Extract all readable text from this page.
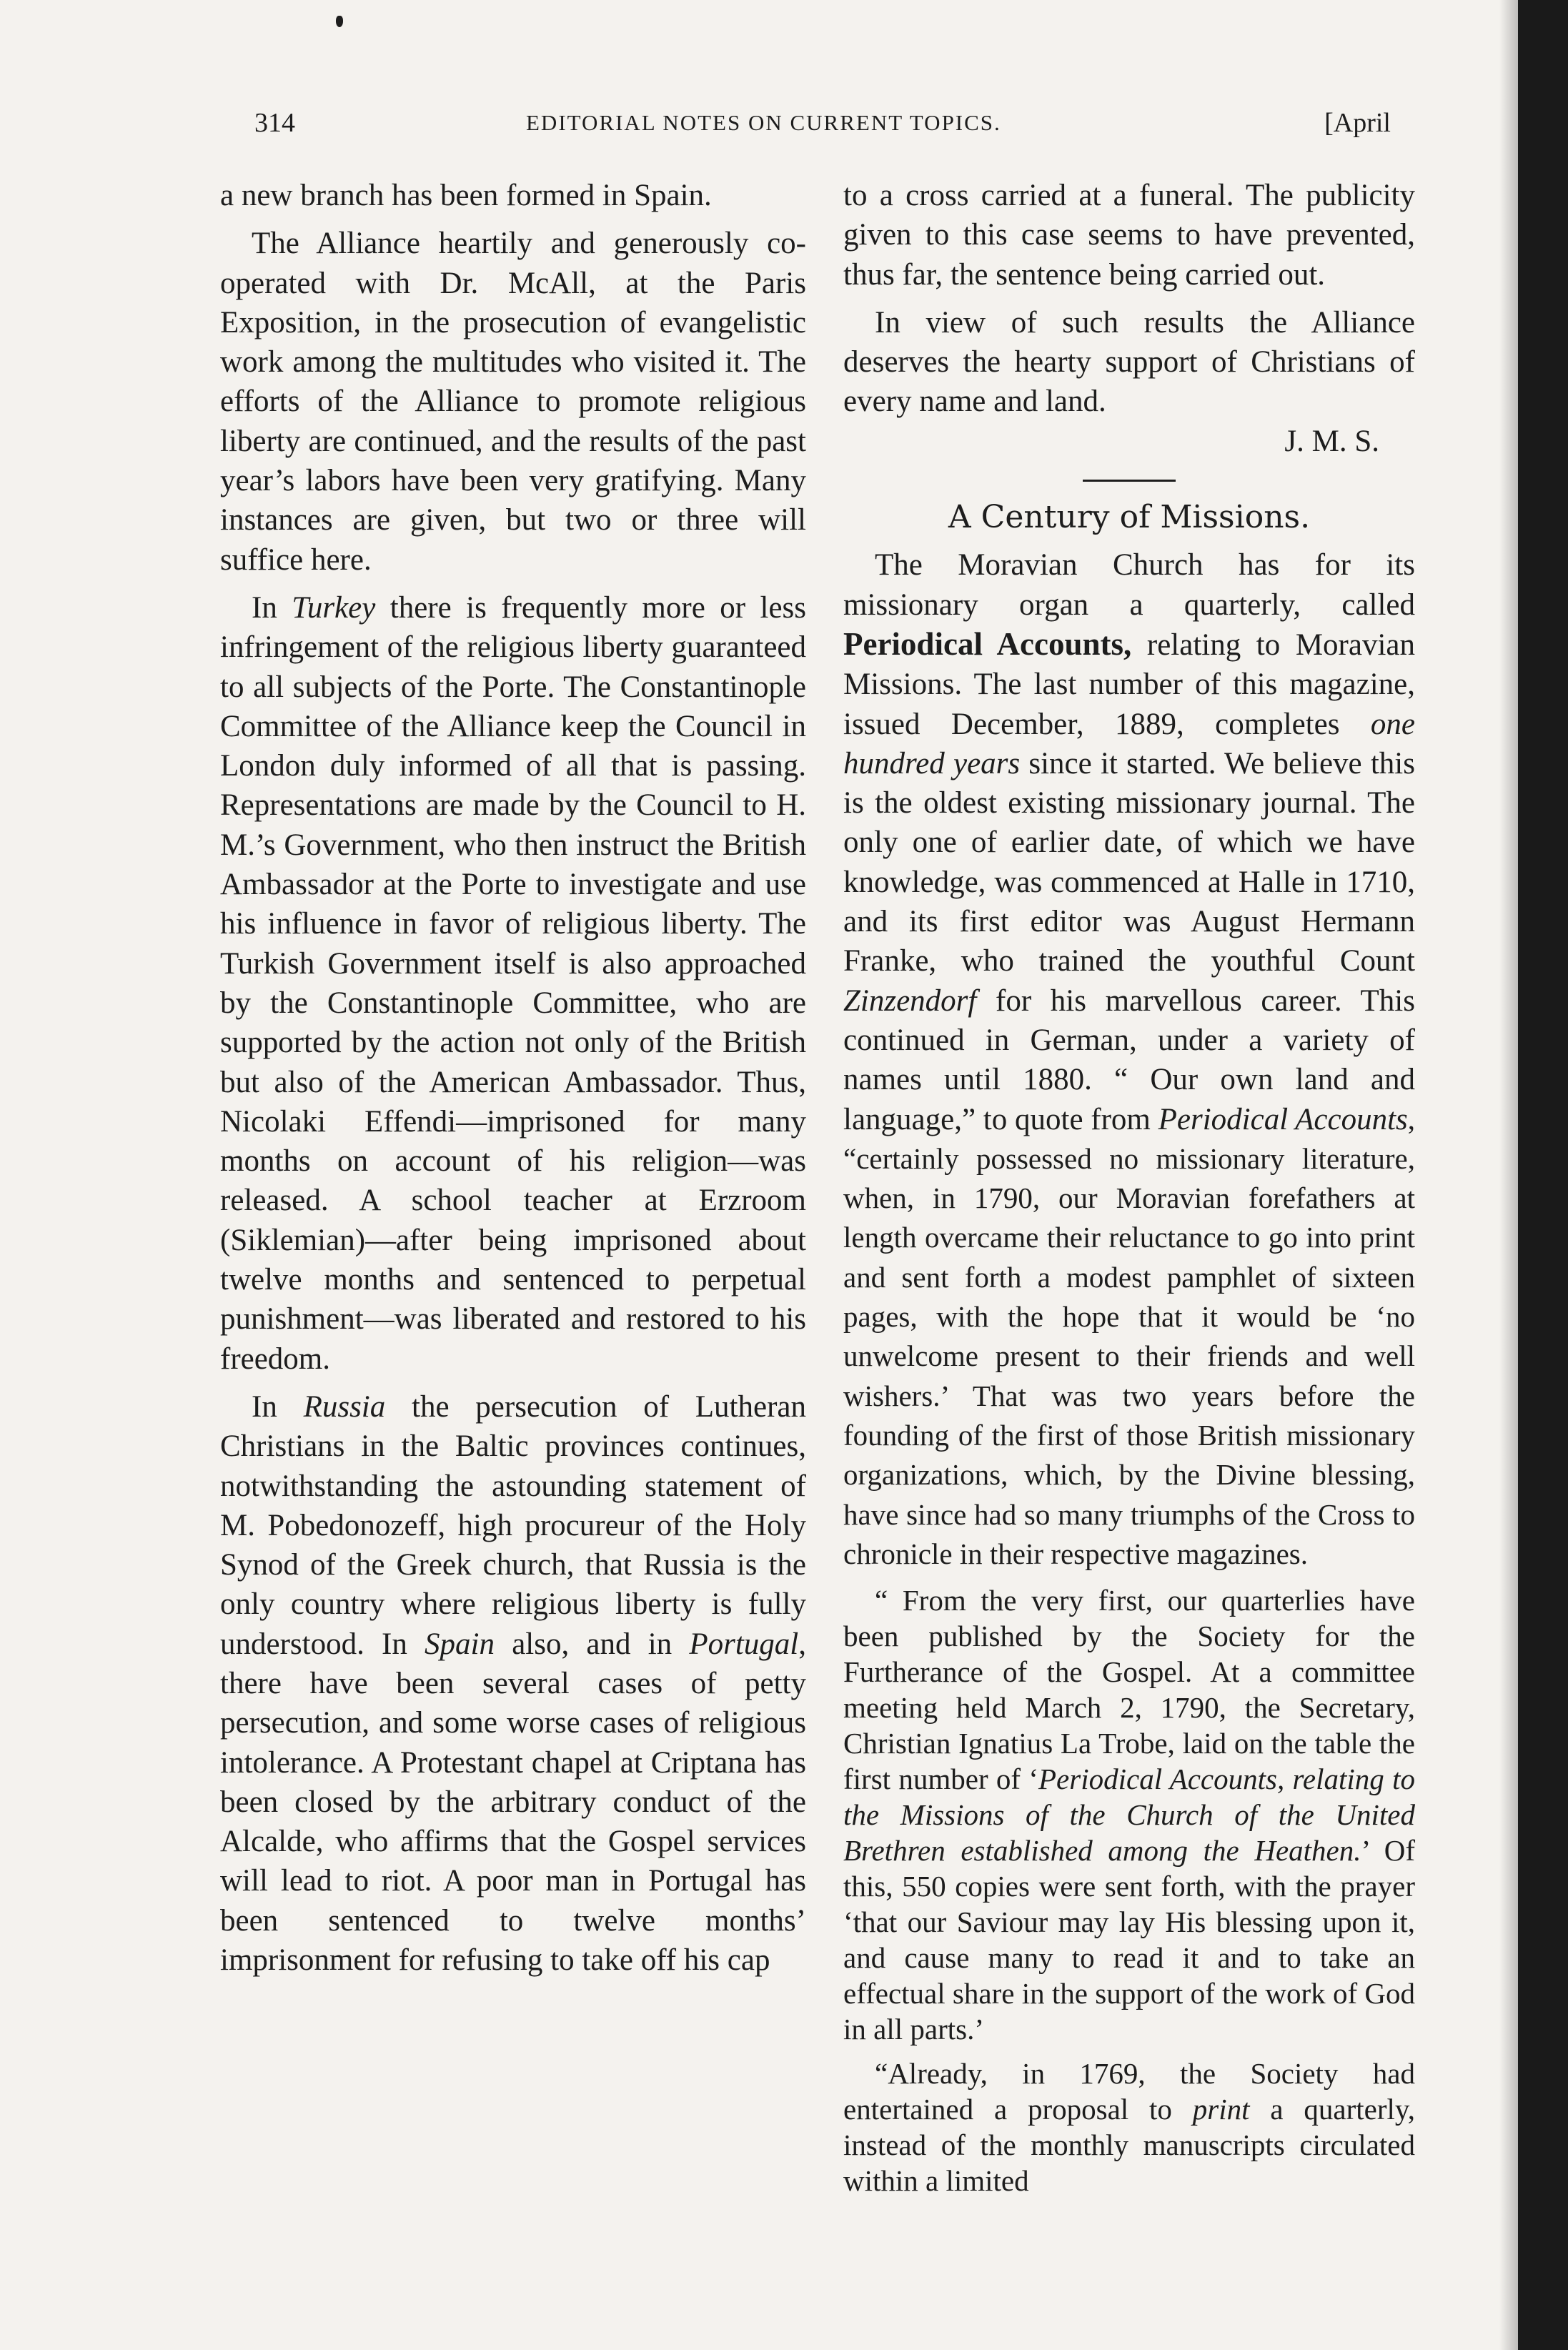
314	EDITORIAL NOTES ON CURRENT TOPICS.	[April

a new branch has been formed in Spain.

The Alliance heartily and generously co-operated with Dr. McAll, at the Paris Exposition, in the prosecution of evangelistic work among the multitudes who visited it. The efforts of the Alliance to promote religious liberty are continued, and the results of the past year’s labors have been very gratifying. Many instances are given, but two or three will suffice here.

In Turkey there is frequently more or less infringement of the religious liberty guaranteed to all subjects of the Porte. The Constantinople Committee of the Alliance keep the Council in London duly informed of all that is passing. Representations are made by the Council to H. M.’s Government, who then instruct the British Ambassador at the Porte to investigate and use his influence in favor of religious liberty. The Turkish Government itself is also approached by the Constantinople Committee, who are supported by the action not only of the British but also of the American Ambassador. Thus, Nicolaki Effendi—imprisoned for many months on account of his religion—was released. A school teacher at Erzroom (Siklemian)—after being imprisoned about twelve months and sentenced to perpetual punishment—was liberated and restored to his freedom.

In Russia the persecution of Lutheran Christians in the Baltic provinces continues, notwithstanding the astounding statement of M. Pobedonozeff, high procureur of the Holy Synod of the Greek church, that Russia is the only country where religious liberty is fully understood. In Spain also, and in Portugal, there have been several cases of petty persecution, and some worse cases of religious intolerance. A Protestant chapel at Criptana has been closed by the arbitrary conduct of the Alcalde, who affirms that the Gospel services will lead to riot. A poor man in Portugal has been sentenced to twelve months’ imprisonment for refusing to take off his cap

to a cross carried at a funeral. The publicity given to this case seems to have prevented, thus far, the sentence being carried out.

In view of such results the Alliance deserves the hearty support of Christians of every name and land.

J. M. S.

A Century of Missions.

The Moravian Church has for its missionary organ a quarterly, called Periodical Accounts, relating to Moravian Missions. The last number of this magazine, issued December, 1889, completes one hundred years since it started. We believe this is the oldest existing missionary journal. The only one of earlier date, of which we have knowledge, was commenced at Halle in 1710, and its first editor was August Hermann Franke, who trained the youthful Count Zinzendorf for his marvellous career. This continued in German, under a variety of names until 1880. “ Our own land and language,” to quote from Periodical Accounts, “certainly possessed no missionary literature, when, in 1790, our Moravian forefathers at length overcame their reluctance to go into print and sent forth a modest pamphlet of sixteen pages, with the hope that it would be ‘no unwelcome present to their friends and well wishers.’ That was two years before the founding of the first of those British missionary organizations, which, by the Divine blessing, have since had so many triumphs of the Cross to chronicle in their respective magazines.

“ From the very first, our quarterlies have been published by the Society for the Furtherance of the Gospel. At a committee meeting held March 2, 1790, the Secretary, Christian Ignatius La Trobe, laid on the table the first number of ‘Periodical Accounts, relating to the Missions of the Church of the United Brethren established among the Heathen.’ Of this, 550 copies were sent forth, with the prayer ‘that our Saviour may lay His blessing upon it, and cause many to read it and to take an effectual share in the support of the work of God in all parts.’

“Already, in 1769, the Society had entertained a proposal to print a quarterly, instead of the monthly manuscripts circulated within a limited
